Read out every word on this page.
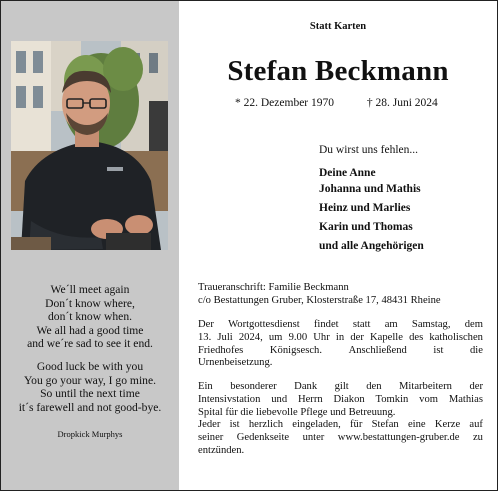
We´ll meet again
Don´t know where,
don´t know when.
We all had a good time
and we´re sad to see it end.
Good luck be with you
You go your way, I go mine.
So until the next time
it´s farewell and not good-bye.
Dropkick Murphys
Statt Karten
Stefan Beckmann
* 22. Dezember 1970	† 28. Juni 2024
Du wirst uns fehlen...
Deine Anne
Johanna und Mathis
Heinz und Marlies
Karin und Thomas
und alle Angehörigen
Traueranschrift: Familie Beckmann
c/o Bestattungen Gruber, Klosterstraße 17, 48431 Rheine
Der Wortgottesdienst findet statt am Samstag, dem
13. Juli 2024, um 9.00 Uhr in der Kapelle des katholischen
Friedhofes	Königsesch.	Anschließend	ist	die
Urnenbeisetzung.
Ein besonderer Dank gilt den Mitarbeitern der
Intensivstation und Herrn Diakon Tomkin vom Mathias
Spital für die liebevolle Pflege und Betreuung.
Jeder ist herzlich eingeladen, für Stefan eine Kerze auf
seiner Gedenkseite unter www.bestattungen-gruber.de zu
entzünden.
